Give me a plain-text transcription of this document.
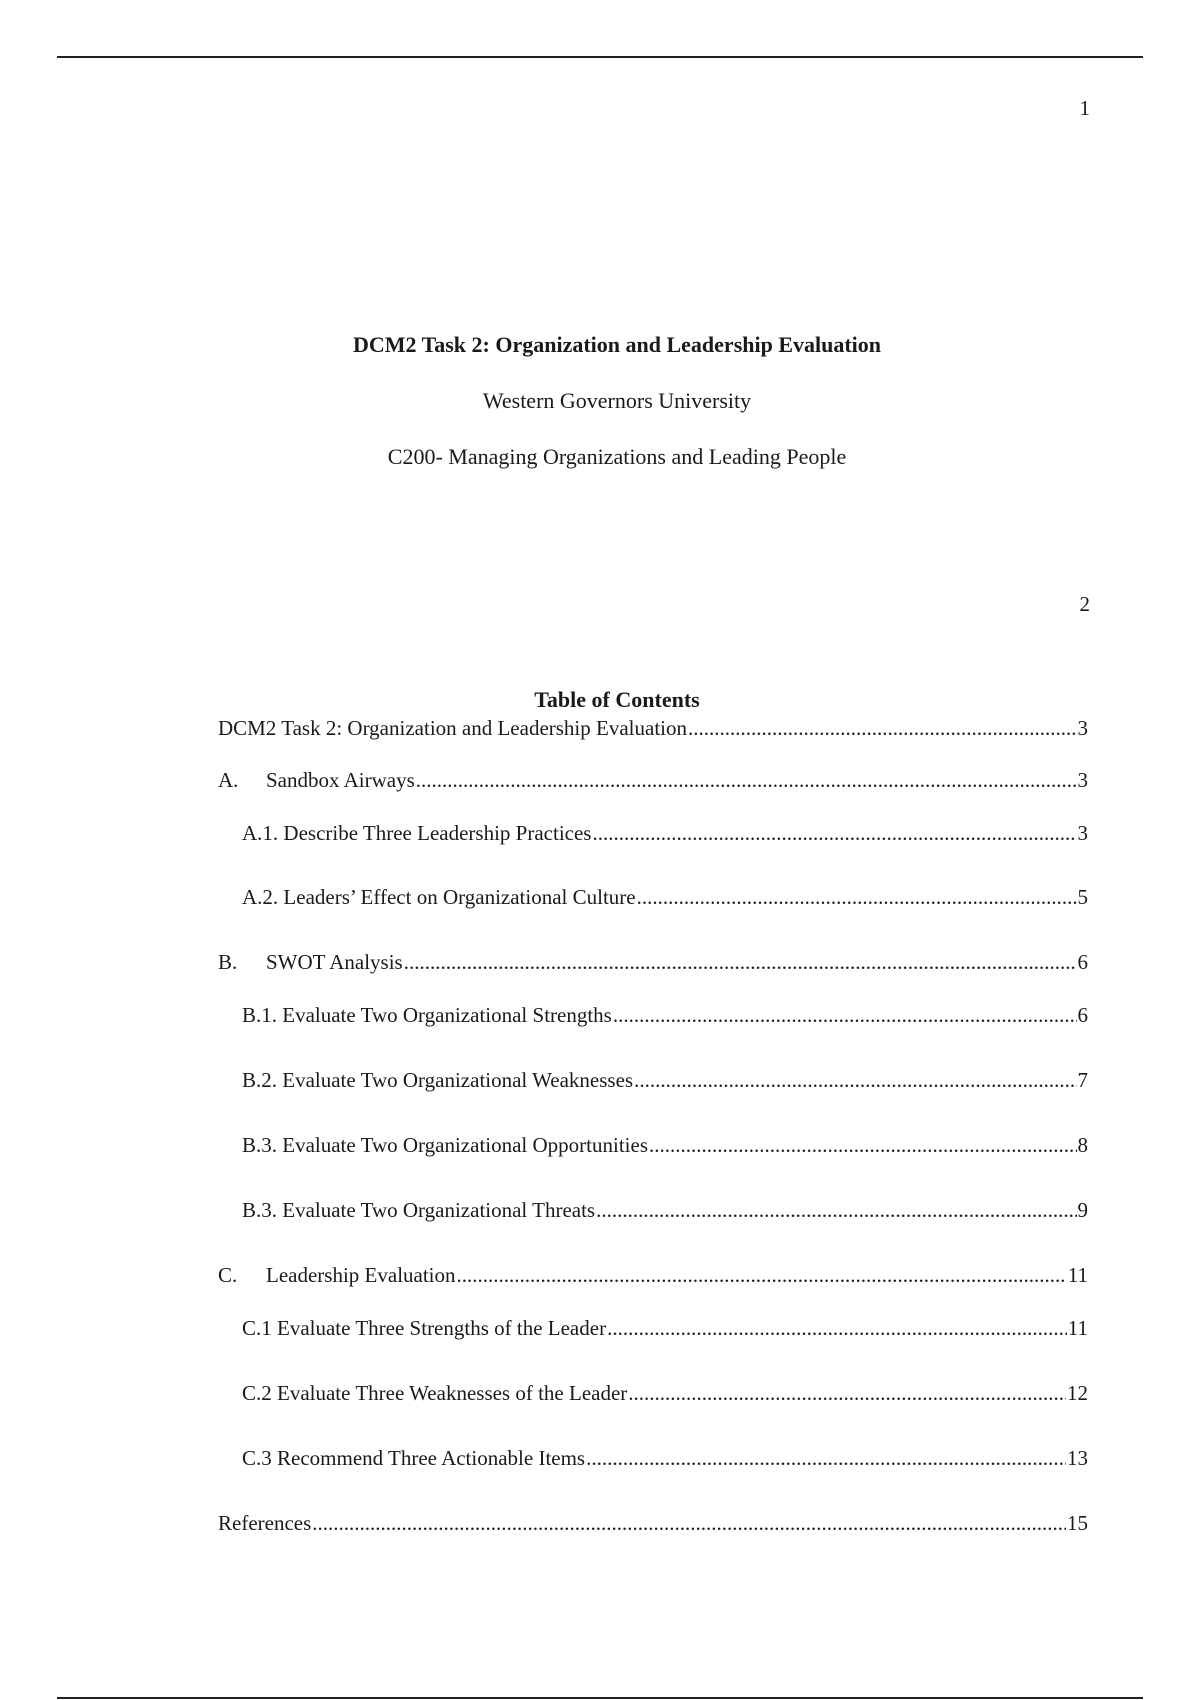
1
DCM2 Task 2: Organization and Leadership Evaluation
Western Governors University
C200- Managing Organizations and Leading People
2
Table of Contents
DCM2 Task 2: Organization and Leadership Evaluation .....	3
A. Sandbox Airways .....	3
A.1. Describe Three Leadership Practices .....	3
A.2. Leaders’ Effect on Organizational Culture .....	5
B. SWOT Analysis .....	6
B.1. Evaluate Two Organizational Strengths .....	6
B.2. Evaluate Two Organizational Weaknesses .....	7
B.3. Evaluate Two Organizational Opportunities .....	8
B.3. Evaluate Two Organizational Threats .....	9
C. Leadership Evaluation .....	11
C.1 Evaluate Three Strengths of the Leader .....	11
C.2 Evaluate Three Weaknesses of the Leader .....	12
C.3 Recommend Three Actionable Items .....	13
References .....	15
